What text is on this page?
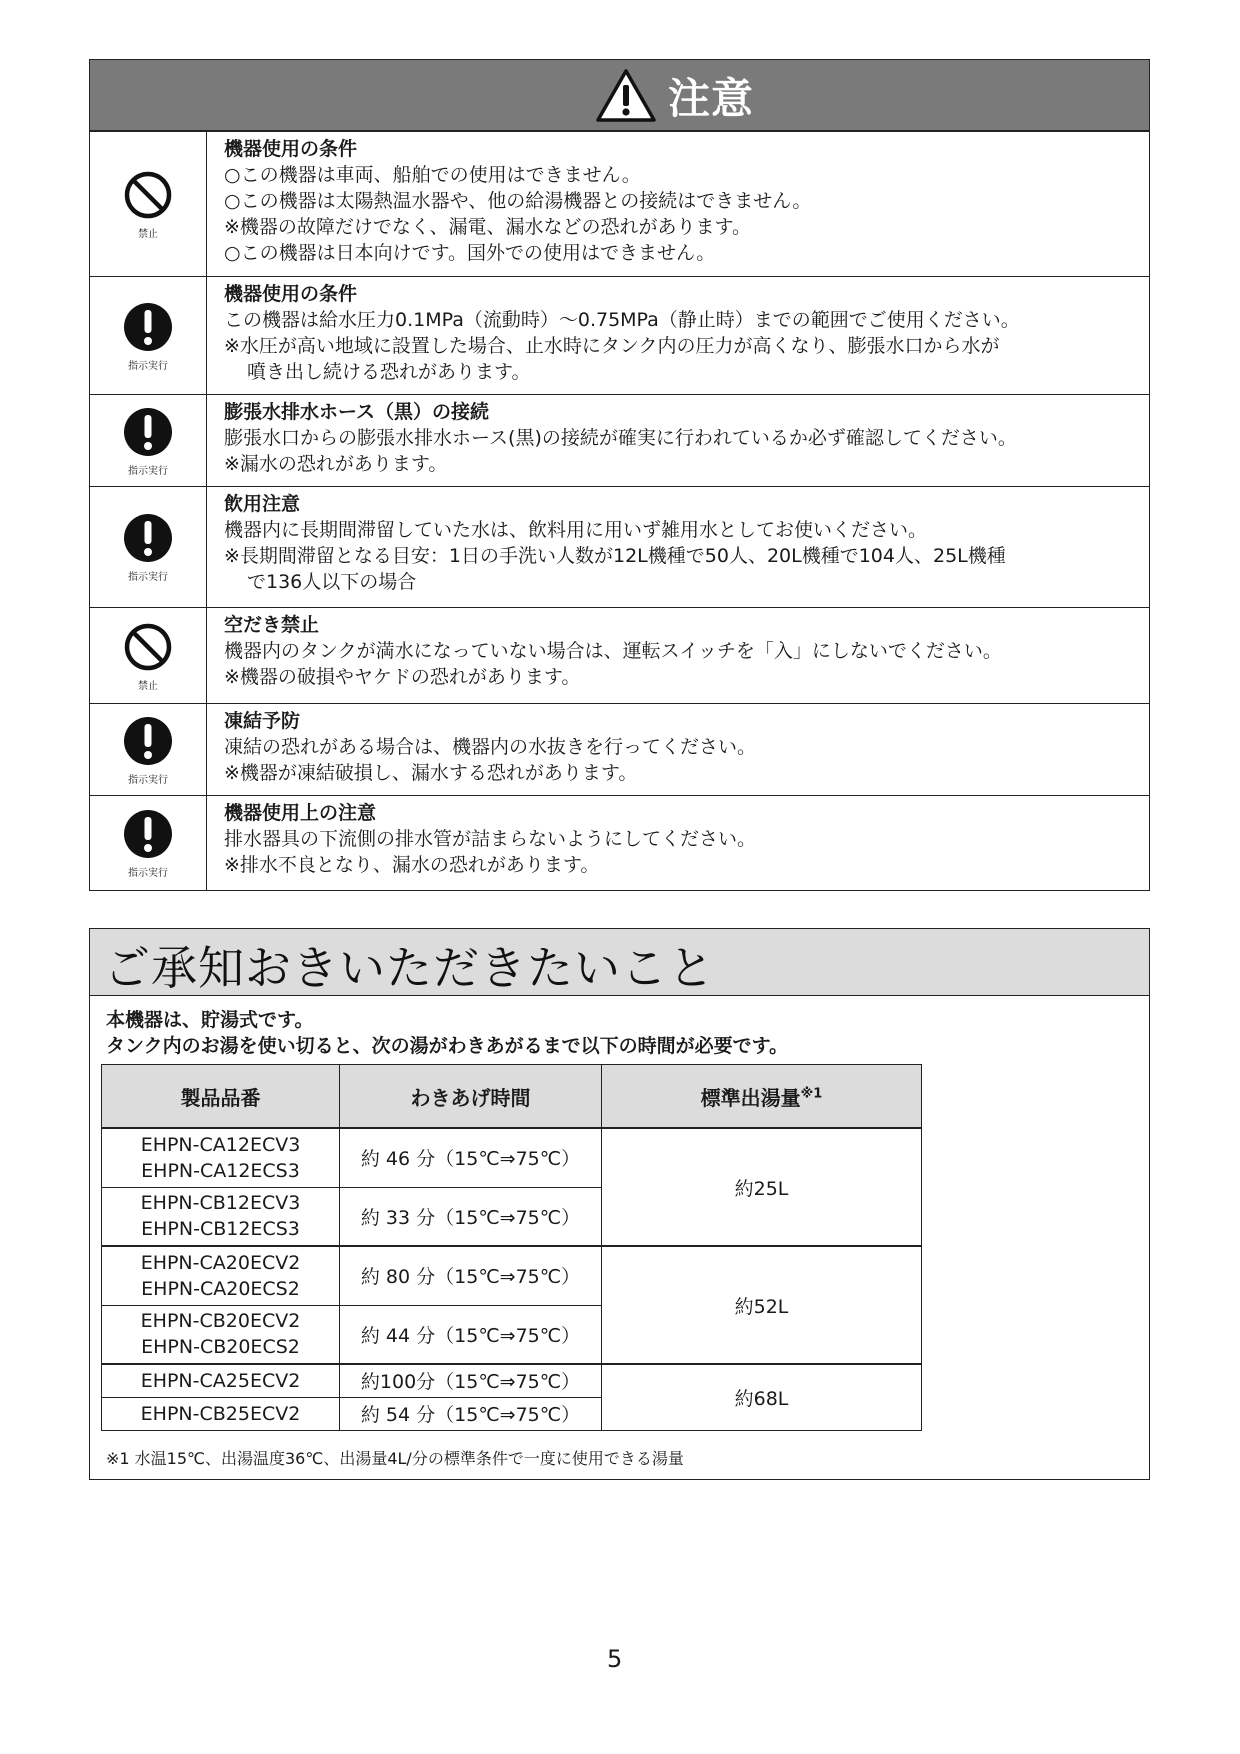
注意
禁止
機器使用の条件
○この機器は車両、船舶での使用はできません。
○この機器は太陽熱温水器や、他の給湯機器との接続はできません。
※機器の故障だけでなく、漏電、漏水などの恐れがあります。
○この機器は日本向けです。国外での使用はできません。
指示実行
機器使用の条件
この機器は給水圧力0.1MPa（流動時）～0.75MPa（静止時）までの範囲でご使用ください。
※水圧が高い地域に設置した場合、止水時にタンク内の圧力が高くなり、膨張水口から水が
噴き出し続ける恐れがあります。
指示実行
膨張水排水ホース（黒）の接続
膨張水口からの膨張水排水ホース(黒)の接続が確実に行われているか必ず確認してください。
※漏水の恐れがあります。
指示実行
飲用注意
機器内に長期間滞留していた水は、飲料用に用いず雑用水としてお使いください。
※長期間滞留となる目安：1日の手洗い人数が12L機種で50人、20L機種で104人、25L機種
で136人以下の場合
禁止
空だき禁止
機器内のタンクが満水になっていない場合は、運転スイッチを「入」にしないでください。
※機器の破損やヤケドの恐れがあります。
指示実行
凍結予防
凍結の恐れがある場合は、機器内の水抜きを行ってください。
※機器が凍結破損し、漏水する恐れがあります。
指示実行
機器使用上の注意
排水器具の下流側の排水管が詰まらないようにしてください。
※排水不良となり、漏水の恐れがあります。
ご承知おきいただきたいこと
本機器は、貯湯式です。
タンク内のお湯を使い切ると、次の湯がわきあがるまで以下の時間が必要です。
製品品番	わきあげ時間	標準出湯量$^{※1}$

EHPN-CA12ECV3
EHPN-CA12ECS3	約 46 分（15℃⇒75℃）	約25L

EHPN-CB12ECV3
EHPN-CB12ECS3	約 33 分（15℃⇒75℃）	

EHPN-CA20ECV2
EHPN-CA20ECS2	約 80 分（15℃⇒75℃）	約52L

EHPN-CB20ECV2
EHPN-CB20ECS2	約 44 分（15℃⇒75℃）	

EHPN-CA25ECV2	約100分（15℃⇒75℃）	約68L

EHPN-CB25ECV2	約 54 分（15℃⇒75℃）	
※1 水温15℃、出湯温度36℃、出湯量4L/分の標準条件で一度に使用できる湯量
5
